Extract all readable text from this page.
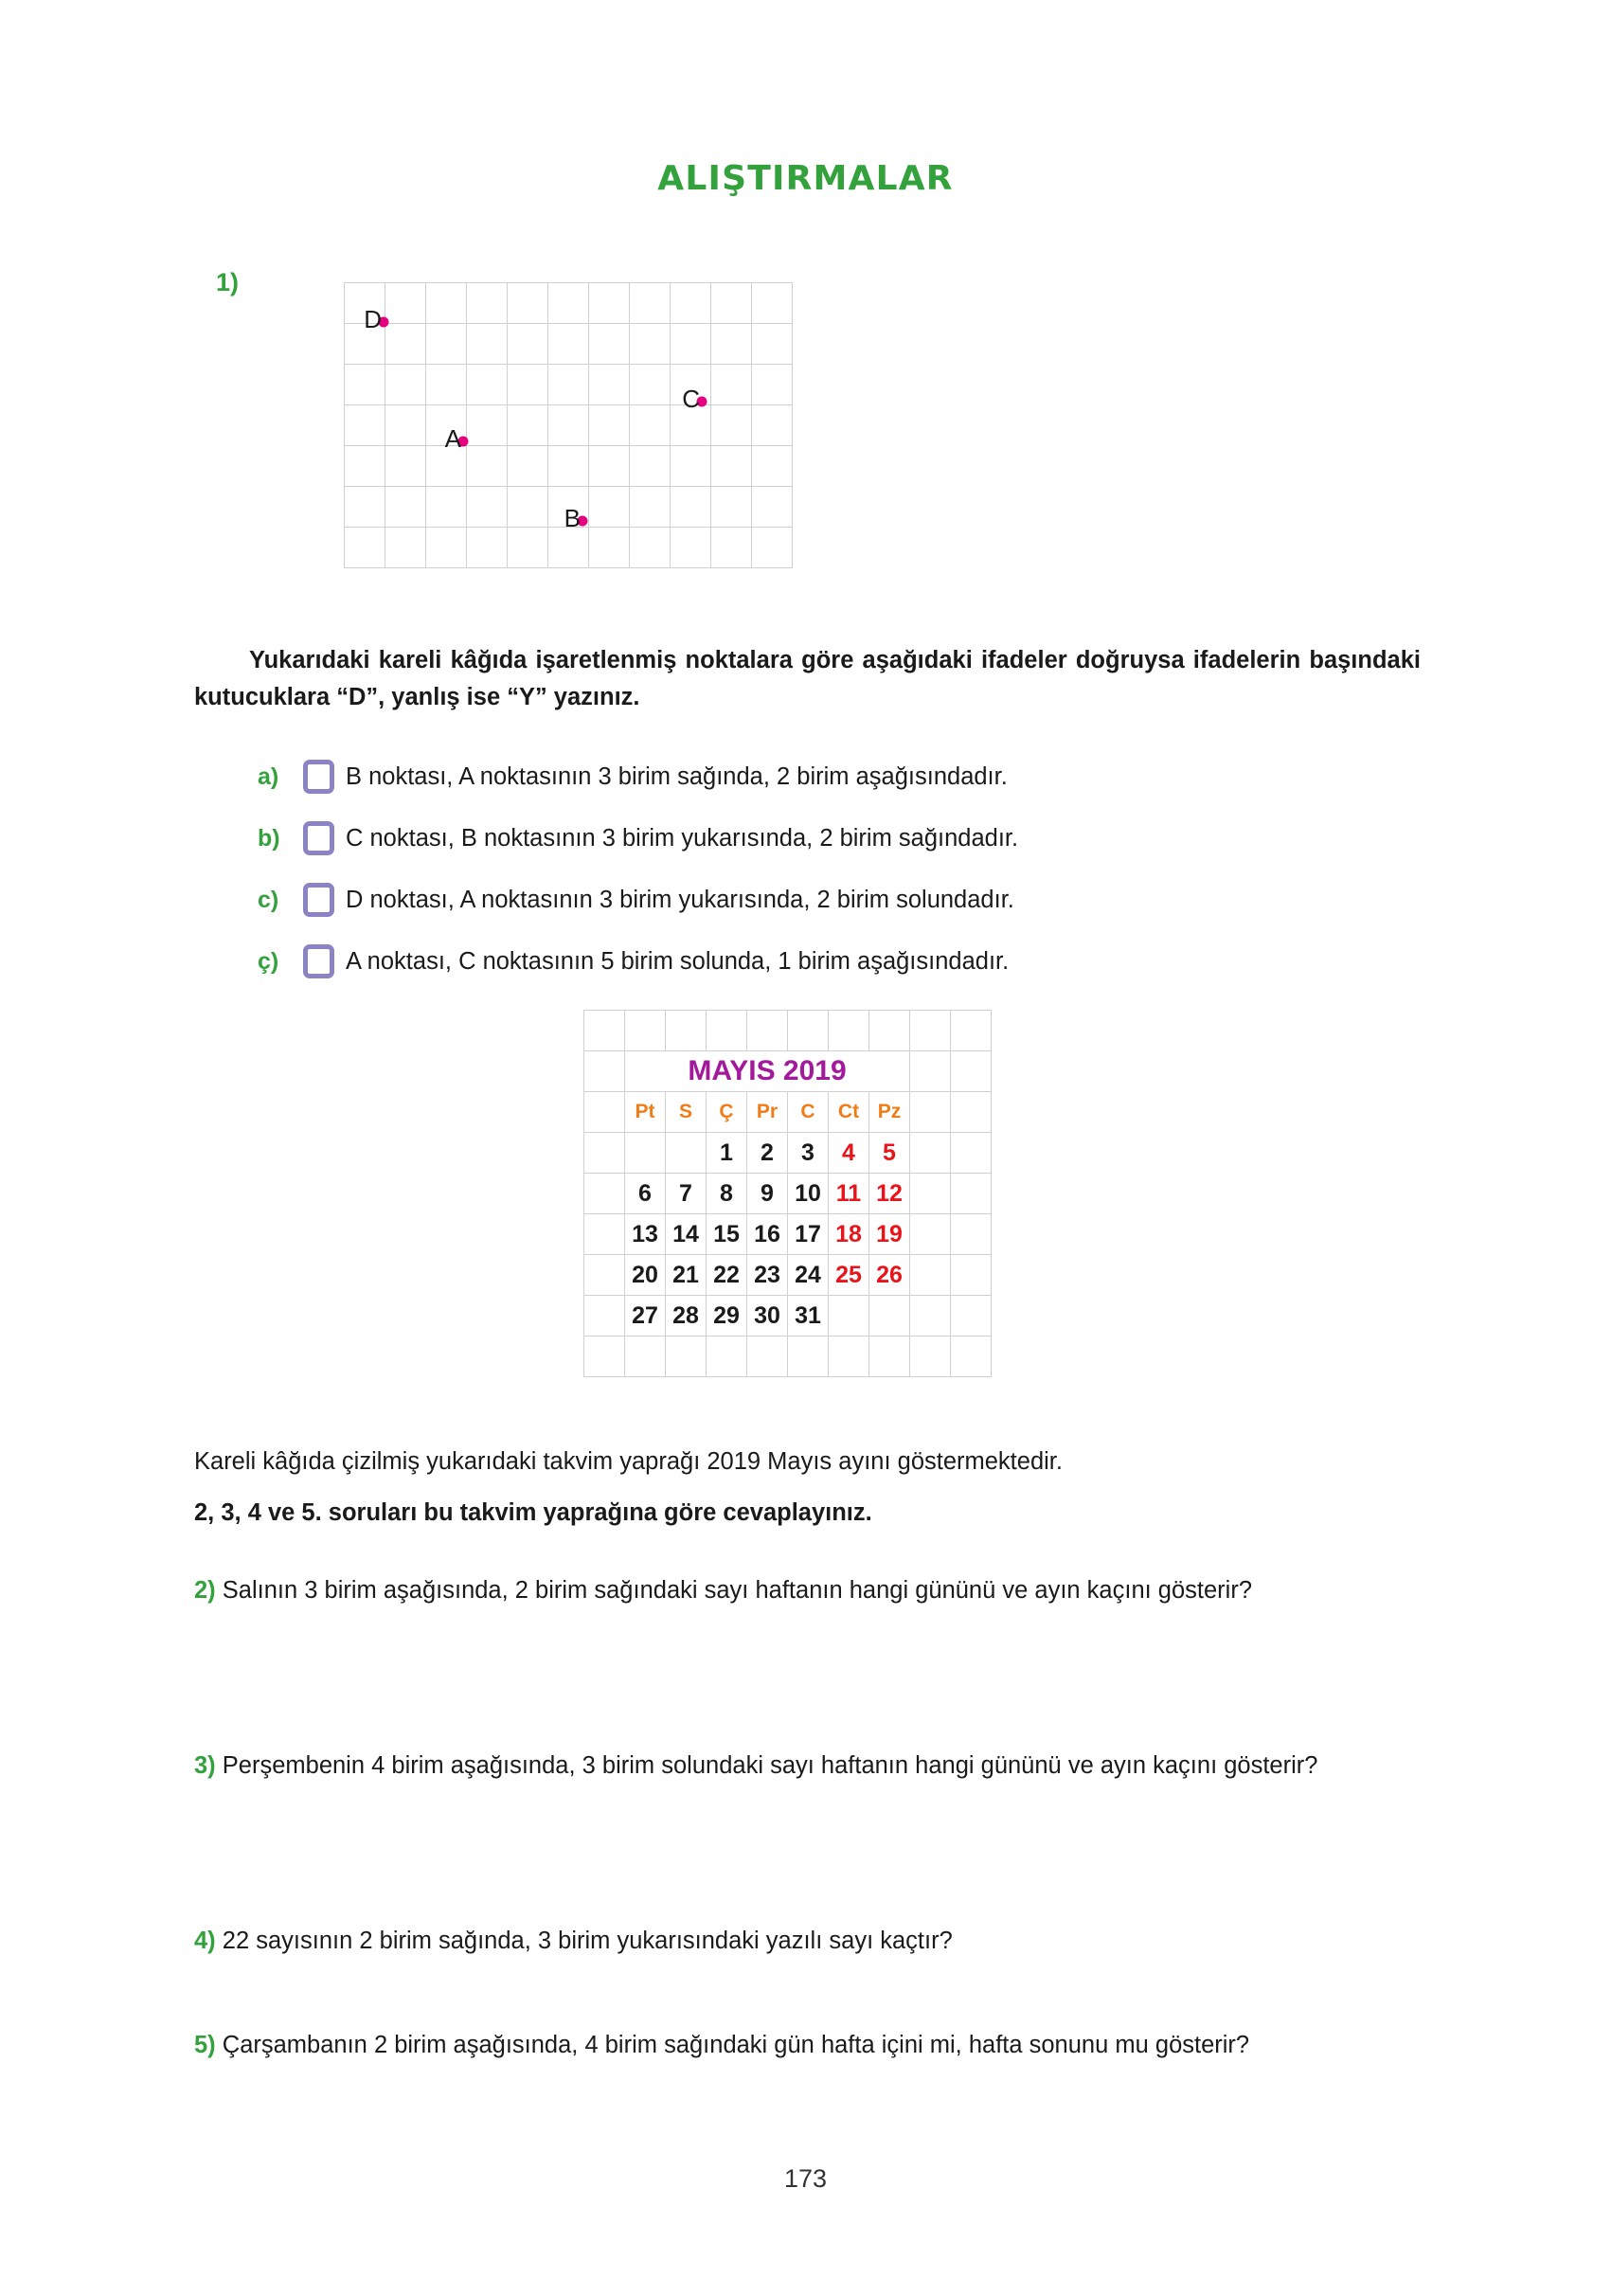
ALIŞTIRMALAR
1)

D
A
B
C
Yukarıdaki kareli kâğıda işaretlenmiş noktalara göre aşağıdaki ifadeler doğruysa ifadelerin başındaki kutucuklara “D”, yanlış ise “Y” yazınız.
a)	B noktası, A noktasının 3 birim sağında, 2 birim aşağısındadır.
b)	C noktası, B noktasının 3 birim yukarısında, 2 birim sağındadır.
c)	D noktası, A noktasının 3 birim yukarısında, 2 birim solundadır.
ç)	A noktası, C noktasının 5 birim solunda, 1 birim aşağısındadır.

	MAYIS 2019								
	Pt	S	Ç	Pr	C	Ct	Pz		
			1	2	3	4	5		
	6	7	8	9	10	11	12		
	13	14	15	16	17	18	19		
	20	21	22	23	24	25	26		
	27	28	29	30	31				

Kareli kâğıda çizilmiş yukarıdaki takvim yaprağı 2019 Mayıs ayını göstermektedir.
2, 3, 4 ve 5. soruları bu takvim yaprağına göre cevaplayınız.
2) Salının 3 birim aşağısında, 2 birim sağındaki sayı haftanın hangi gününü ve ayın kaçını gösterir?
3) Perşembenin 4 birim aşağısında, 3 birim solundaki sayı haftanın hangi gününü ve ayın kaçını gösterir?
4) 22 sayısının 2 birim sağında, 3 birim yukarısındaki yazılı sayı kaçtır?
5) Çarşambanın 2 birim aşağısında, 4 birim sağındaki gün hafta içini mi, hafta sonunu mu gösterir?
173
